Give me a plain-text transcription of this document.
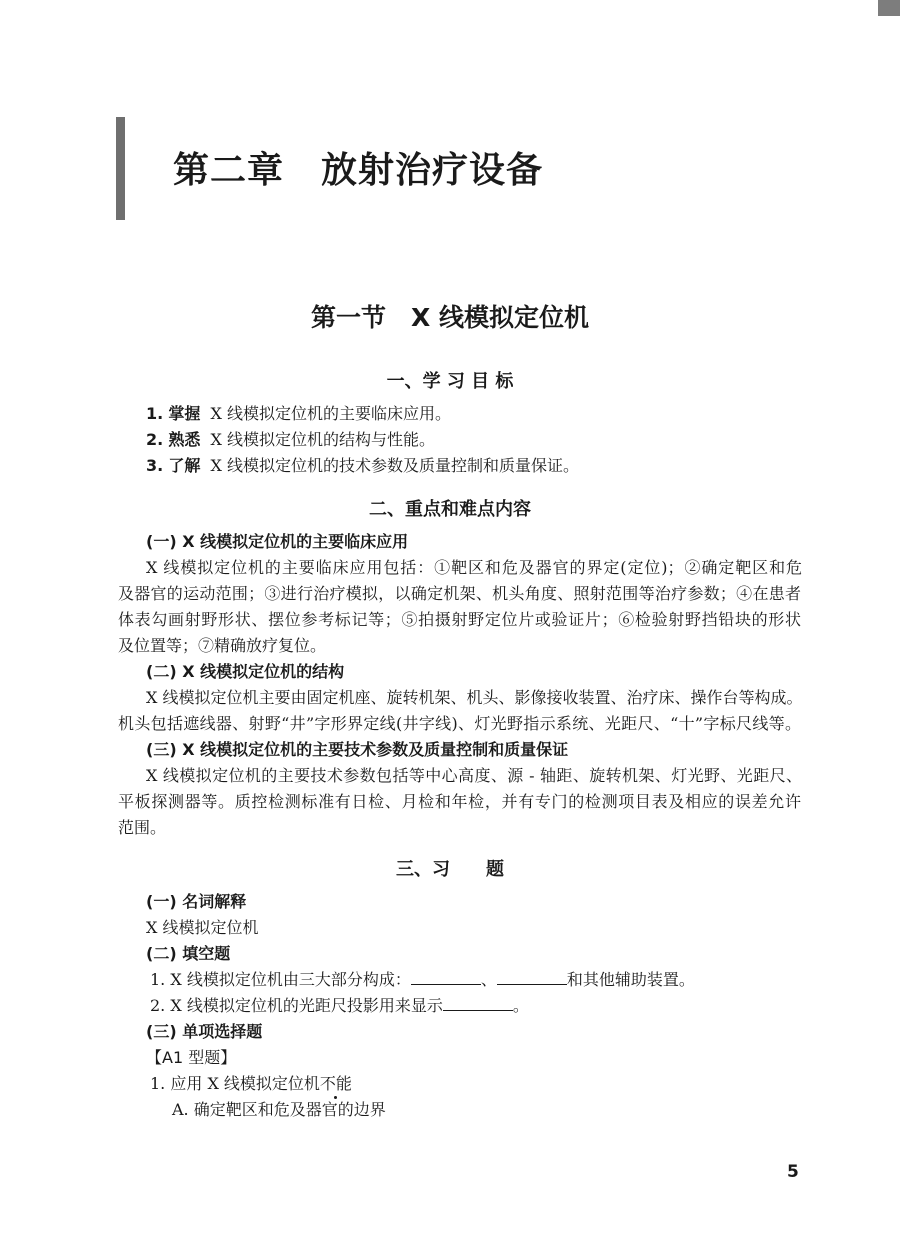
第二章　放射治疗设备
第一节　X 线模拟定位机
一、学 习 目 标

1. 掌握 X 线模拟定位机的主要临床应用。

2. 熟悉 X 线模拟定位机的结构与性能。

3. 了解 X 线模拟定位机的技术参数及质量控制和质量保证。

二、重点和难点内容

(一) X 线模拟定位机的主要临床应用

X 线模拟定位机的主要临床应用包括：①靶区和危及器官的界定(定位)；②确定靶区和危

及器官的运动范围；③进行治疗模拟，以确定机架、机头角度、照射范围等治疗参数；④在患者

体表勾画射野形状、摆位参考标记等；⑤拍摄射野定位片或验证片；⑥检验射野挡铅块的形状

及位置等；⑦精确放疗复位。

(二) X 线模拟定位机的结构

X 线模拟定位机主要由固定机座、旋转机架、机头、影像接收装置、治疗床、操作台等构成。

机头包括遮线器、射野“井”字形界定线(井字线)、灯光野指示系统、光距尺、“十”字标尺线等。

(三) X 线模拟定位机的主要技术参数及质量控制和质量保证

X 线模拟定位机的主要技术参数包括等中心高度、源 - 轴距、旋转机架、灯光野、光距尺、

平板探测器等。质控检测标准有日检、月检和年检，并有专门的检测项目表及相应的误差允许

范围。

三、习　　题

(一) 名词解释

X 线模拟定位机

(二) 填空题

1. X 线模拟定位机由三大部分构成：	、	和其他辅助装置。

2. X 线模拟定位机的光距尺投影用来显示	。

(三) 单项选择题

【A1 型题】

1. 应用 X 线模拟定位机不能

A. 确定靶区和危及器官的边界

5
